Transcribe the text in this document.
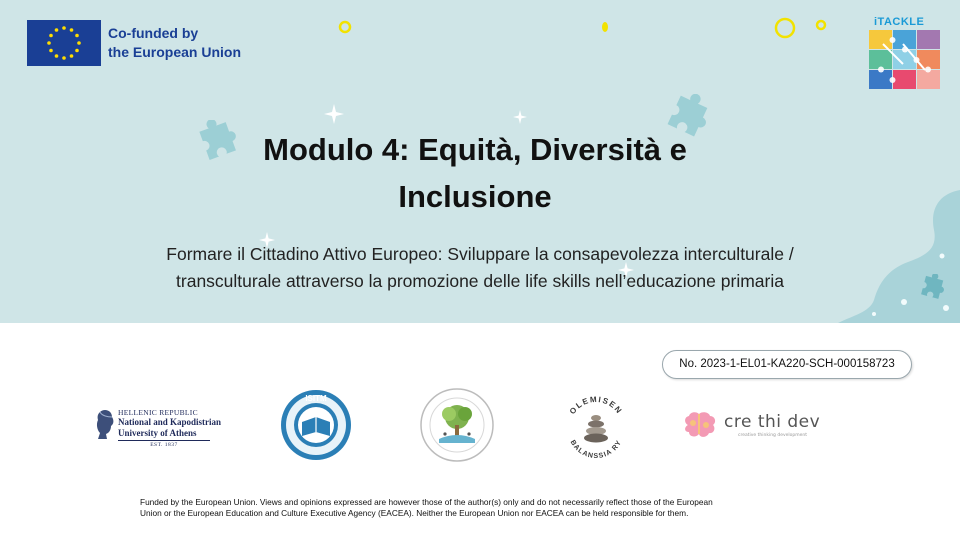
Co-funded by
the European Union
iTACKLE
Modulo 4: Equità, Diversità e
Inclusione
Formare il Cittadino Attivo Europeo: Sviluppare la consapevolezza interculturale /
transculturale attraverso la promozione delle life skills nell’educazione primaria
No. 2023-1-EL01-KA220-SCH-000158723
HELLENIC REPUBLIC
National and Kapodistrian
University of Athens
EST. 1837
ISITM
OLEMISEN
BALANSSIA RY
cre thi dev
creative thinking development
Funded by the European Union. Views and opinions expressed are however those of the author(s) only and do not necessarily reflect those of the European
Union or the European Education and Culture Executive Agency (EACEA). Neither the European Union nor EACEA can be held responsible for them.
